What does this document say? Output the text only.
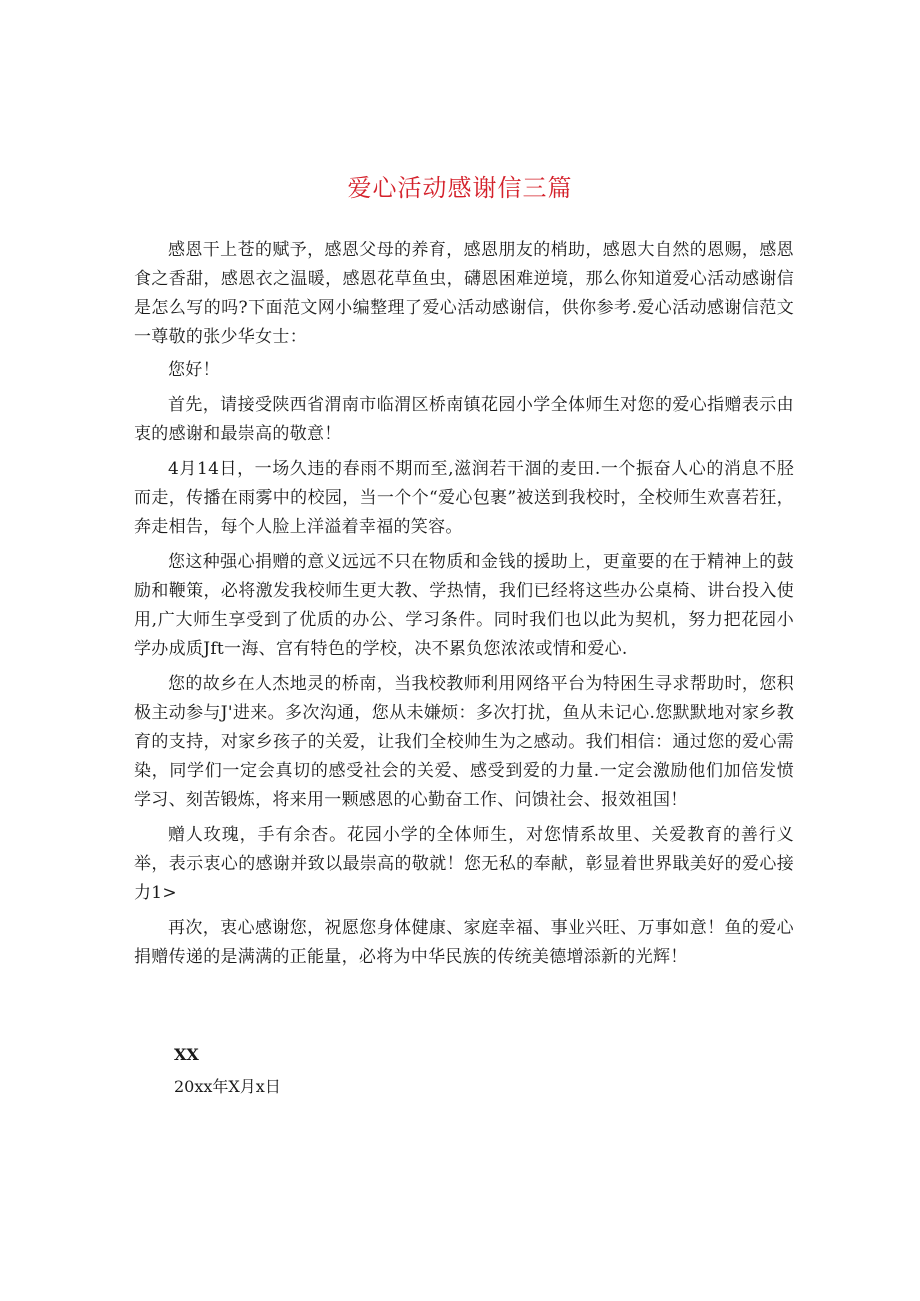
爱心活动感谢信三篇

感恩干上苍的赋予，感恩父母的养育，感恩朋友的梢助，感恩大自然的恩赐，感恩食之香甜，感恩衣之温暖，感恩花草鱼虫，礴恩困难逆境，那么你知道爱心活动感谢信是怎么写的吗?下面范文网小编整理了爱心活动感谢信，供你参考.爱心活动感谢信范文一尊敬的张少华女士：

您好！

首先，请接受陕西省渭南市临渭区桥南镇花园小学全体师生对您的爱心指赠表示由衷的感谢和最崇高的敬意！

4月14日，一场久违的春雨不期而至,滋润若干涸的麦田.一个振奋人心的消息不胫而走，传播在雨雾中的校园，当一个个“爱心包裹”被送到我校时，全校师生欢喜若狂，奔走相告，每个人脸上洋溢着幸福的笑容。

您这种强心捐赠的意义远远不只在物质和金钱的援助上，更童要的在于精神上的鼓励和鞭策，必将激发我校师生更大教、学热情，我们已经将这些办公桌椅、讲台投入使用,广大师生享受到了优质的办公、学习条件。同时我们也以此为契机，努力把花园小学办成质Jft一海、宫有特色的学校，决不累负您浓浓或情和爱心.

您的故乡在人杰地灵的桥南，当我校教师利用网络平台为特困生寻求帮助时，您积极主动参与J'进来。多次沟通，您从未嫌烦：多次打扰，鱼从未记心.您默默地对家乡教育的支持，对家乡孩子的关爱，让我们全校帅生为之感动。我们相信：通过您的爱心需染，同学们一定会真切的感受社会的关爱、感受到爱的力量.一定会激励他们加倍发愤学习、刻苦锻炼，将来用一颗感恩的心勤奋工作、问馈社会、报效祖国！

赠人玫瑰，手有余杏。花园小学的全体师生，对您情系故里、关爱教育的善行义举，表示衷心的感谢并致以最崇高的敬就！您无私的奉献，彰显着世界戢美好的爱心接力1>

再次，衷心感谢您，祝愿您身体健康、家庭幸福、事业兴旺、万事如意！鱼的爱心捐赠传递的是满满的正能量，必将为中华民族的传统美德增添新的光辉！

XX
20xx年X月x日
